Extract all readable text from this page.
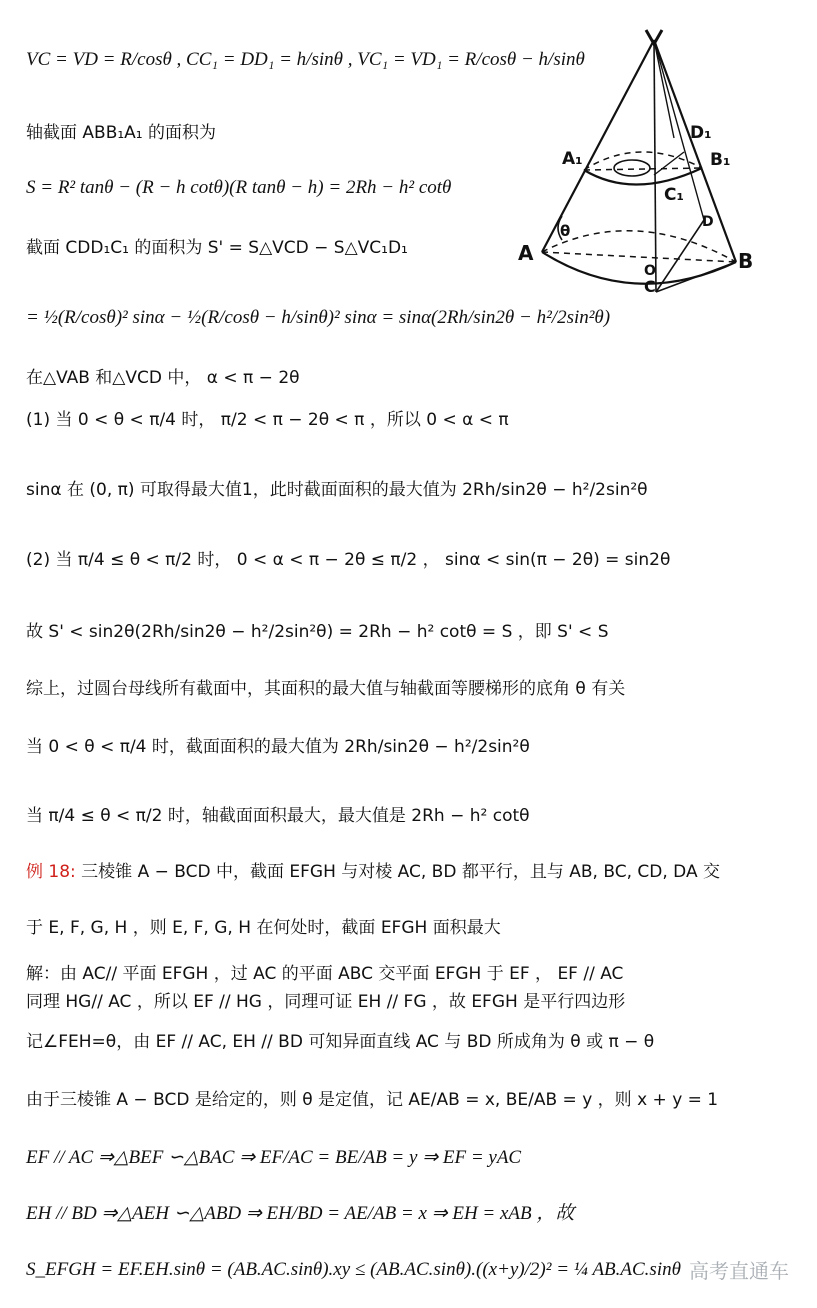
VC = VD = R/cosθ , CC₁ = DD₁ = h/sinθ , VC₁ = VD₁ = R/cosθ − h/sinθ
轴截面 ABB₁A₁ 的面积为
S = R² tanθ − (R − h cotθ)(R tanθ − h) = 2Rh − h² cotθ
截面 CDD₁C₁ 的面积为 S' = S△VCD − S△VC₁D₁
= ½(R/cosθ)² sinα − ½(R/cosθ − h/sinθ)² sinα = sinα(2Rh/sin2θ − h²/2sin²θ)
在△VAB 和△VCD 中， α < π − 2θ
(1) 当 0 < θ < π/4 时， π/2 < π − 2θ < π ，所以 0 < α < π
sinα 在 (0, π) 可取得最大值1，此时截面面积的最大值为 2Rh/sin2θ − h²/2sin²θ
(2) 当 π/4 ≤ θ < π/2 时， 0 < α < π − 2θ ≤ π/2 ， sinα < sin(π − 2θ) = sin2θ
故 S' < sin2θ(2Rh/sin2θ − h²/2sin²θ) = 2Rh − h² cotθ = S ，即 S' < S
综上，过圆台母线所有截面中，其面积的最大值与轴截面等腰梯形的底角 θ 有关
当 0 < θ < π/4 时，截面面积的最大值为 2Rh/sin2θ − h²/2sin²θ
当 π/4 ≤ θ < π/2 时，轴截面面积最大，最大值是 2Rh − h² cotθ
例 18: 三棱锥 A − BCD 中，截面 EFGH 与对棱 AC, BD 都平行，且与 AB, BC, CD, DA 交
于 E, F, G, H ，则 E, F, G, H 在何处时，截面 EFGH 面积最大
解：由 AC// 平面 EFGH ，过 AC 的平面 ABC 交平面 EFGH 于 EF ， EF // AC
同理 HG// AC ，所以 EF // HG ，同理可证 EH // FG ，故 EFGH 是平行四边形
记∠FEH=θ，由 EF // AC, EH // BD 可知异面直线 AC 与 BD 所成角为 θ 或 π − θ
由于三棱锥 A − BCD 是给定的，则 θ 是定值，记 AE/AB = x, BE/AB = y ，则 x + y = 1
EF // AC ⇒△BEF ∽△BAC ⇒ EF/AC = BE/AB = y ⇒ EF = yAC
EH // BD ⇒△AEH ∽△ABD ⇒ EH/BD = AE/AB = x ⇒ EH = xAB ，故
S_EFGH = EF.EH.sinθ = (AB.AC.sinθ).xy ≤ (AB.AC.sinθ).((x+y)/2)² = ¼ AB.AC.sinθ
A₁
D₁
B₁
C₁
θ
A
D
O
C
B
高考直通车
